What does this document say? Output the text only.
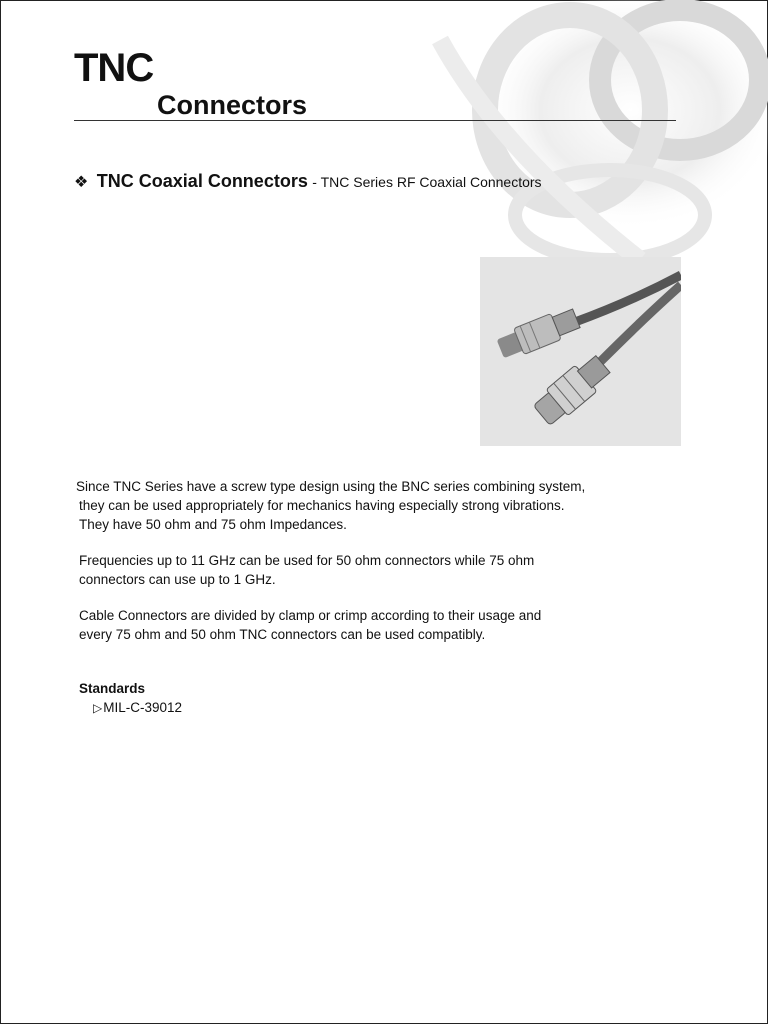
TNC
Connectors
❖ TNC Coaxial Connectors - TNC Series RF Coaxial Connectors

Since TNC Series have a screw type design using the BNC series combining system,
they can be used appropriately for mechanics having especially strong vibrations.
They have 50 ohm and 75 ohm Impedances.

Frequencies up to 11 GHz can be used for 50 ohm connectors while 75 ohm
connectors can use up to 1 GHz.

Cable Connectors are divided by clamp or crimp according to their usage and
every 75 ohm and 50 ohm TNC connectors can be used compatibly.

Standards
▷MIL-C-39012
